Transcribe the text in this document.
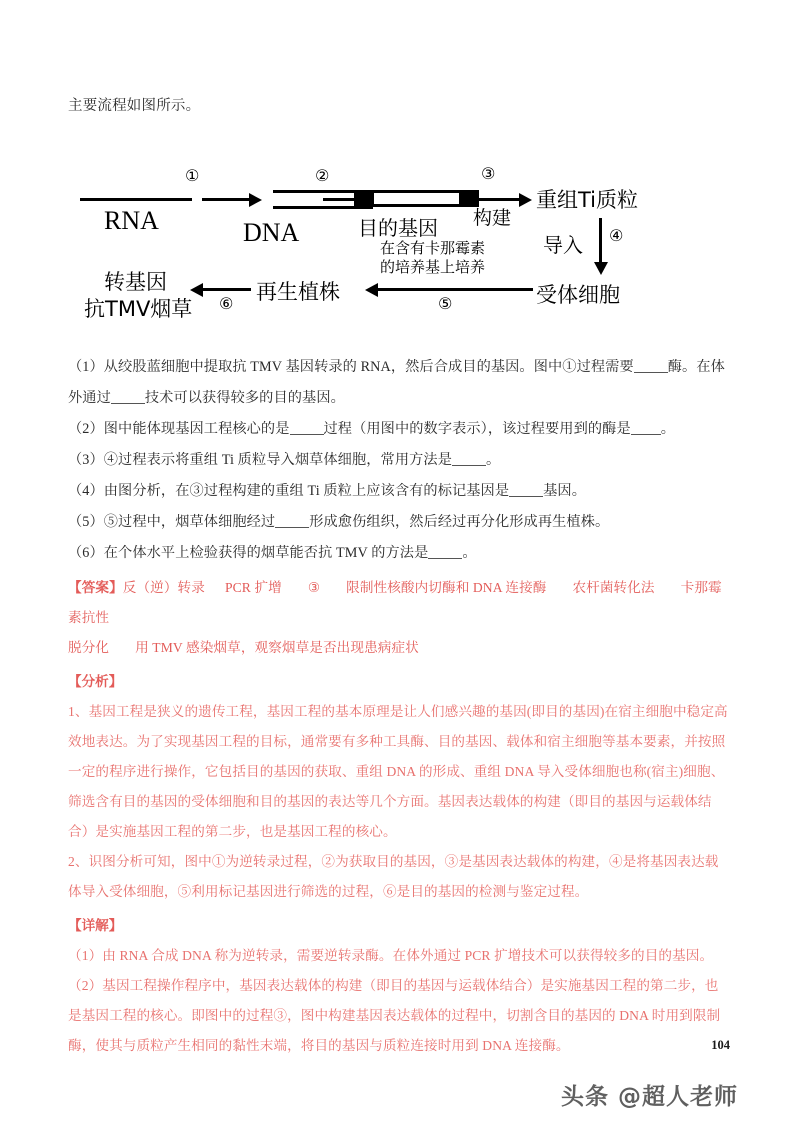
主要流程如图所示。
RNA
①
DNA
②
目的基因
③
构建
重组Ti质粒
导入 ④
受体细胞
在含有卡那霉素
的培养基上培养
⑤
再生植株
⑥
转基因
抗TMV烟草
（1）从绞股蓝细胞中提取抗 TMV 基因转录的 RNA，然后合成目的基因。图中①过程需要 酶。在体
外通过 技术可以获得较多的目的基因。
（2）图中能体现基因工程核心的是 过程（用图中的数字表示），该过程要用到的酶是 。
（3）④过程表示将重组 Ti 质粒导入烟草体细胞，常用方法是 。
（4）由图分析，在③过程构建的重组 Ti 质粒上应该含有的标记基因是 基因。
（5）⑤过程中，烟草体细胞经过 形成愈伤组织，然后经过再分化形成再生植株。
（6）在个体水平上检验获得的烟草能否抗 TMV 的方法是 。
【答案】反（逆）转录 PCR 扩增 ③ 限制性核酸内切酶和 DNA 连接酶 农杆菌转化法 卡那霉素抗性
脱分化 用 TMV 感染烟草，观察烟草是否出现患病症状
【分析】
1、基因工程是狭义的遗传工程，基因工程的基本原理是让人们感兴趣的基因(即目的基因)在宿主细胞中稳定高效地表达。为了实现基因工程的目标，通常要有多种工具酶、目的基因、载体和宿主细胞等基本要素，并按照一定的程序进行操作，它包括目的基因的获取、重组 DNA 的形成、重组 DNA 导入受体细胞也称(宿主)细胞、筛选含有目的基因的受体细胞和目的基因的表达等几个方面。基因表达载体的构建（即目的基因与运载体结合）是实施基因工程的第二步，也是基因工程的核心。
2、识图分析可知，图中①为逆转录过程，②为获取目的基因，③是基因表达载体的构建，④是将基因表达载体导入受体细胞，⑤利用标记基因进行筛选的过程，⑥是目的基因的检测与鉴定过程。
【详解】
（1）由 RNA 合成 DNA 称为逆转录，需要逆转录酶。在体外通过 PCR 扩增技术可以获得较多的目的基因。
（2）基因工程操作程序中，基因表达载体的构建（即目的基因与运载体结合）是实施基因工程的第二步，也是基因工程的核心。即图中的过程③，图中构建基因表达载体的过程中，切割含目的基因的 DNA 时用到限制酶，使其与质粒产生相同的黏性末端，将目的基因与质粒连接时用到 DNA 连接酶。	104
头条 @超人老师
